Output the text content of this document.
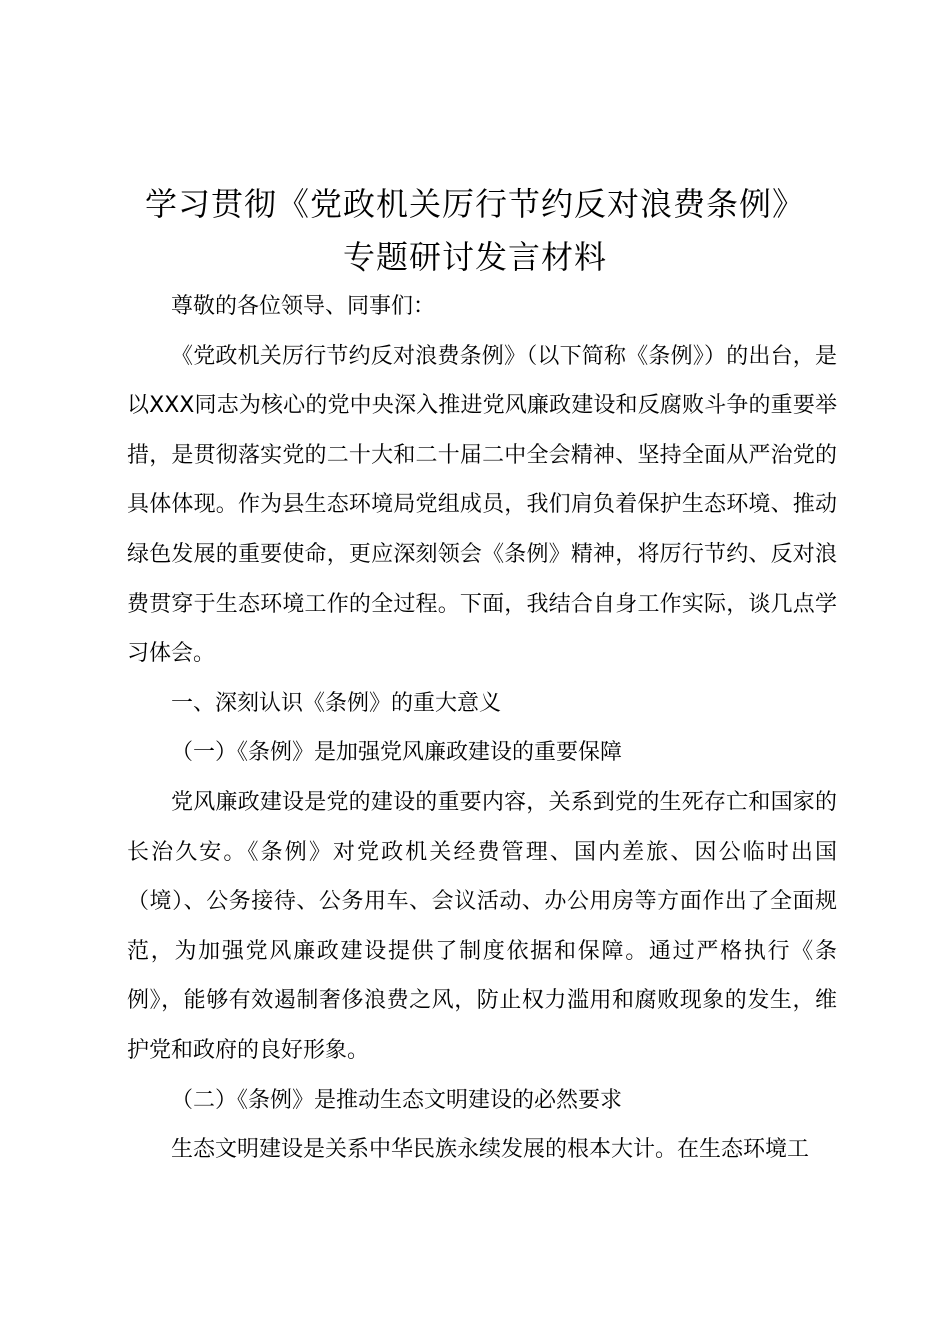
学习贯彻《党政机关厉行节约反对浪费条例》
专题研讨发言材料

尊敬的各位领导、同事们：

《党政机关厉行节约反对浪费条例》（以下简称《条例》）的出台，是以XXX同志为核心的党中央深入推进党风廉政建设和反腐败斗争的重要举措，是贯彻落实党的二十大和二十届二中全会精神、坚持全面从严治党的具体体现。作为县生态环境局党组成员，我们肩负着保护生态环境、推动绿色发展的重要使命，更应深刻领会《条例》精神，将厉行节约、反对浪费贯穿于生态环境工作的全过程。下面，我结合自身工作实际，谈几点学习体会。

一、深刻认识《条例》的重大意义

（一）《条例》是加强党风廉政建设的重要保障

党风廉政建设是党的建设的重要内容，关系到党的生死存亡和国家的长治久安。《条例》对党政机关经费管理、国内差旅、因公临时出国（境）、公务接待、公务用车、会议活动、办公用房等方面作出了全面规范，为加强党风廉政建设提供了制度依据和保障。通过严格执行《条例》，能够有效遏制奢侈浪费之风，防止权力滥用和腐败现象的发生，维护党和政府的良好形象。

（二）《条例》是推动生态文明建设的必然要求

生态文明建设是关系中华民族永续发展的根本大计。在生态环境工
